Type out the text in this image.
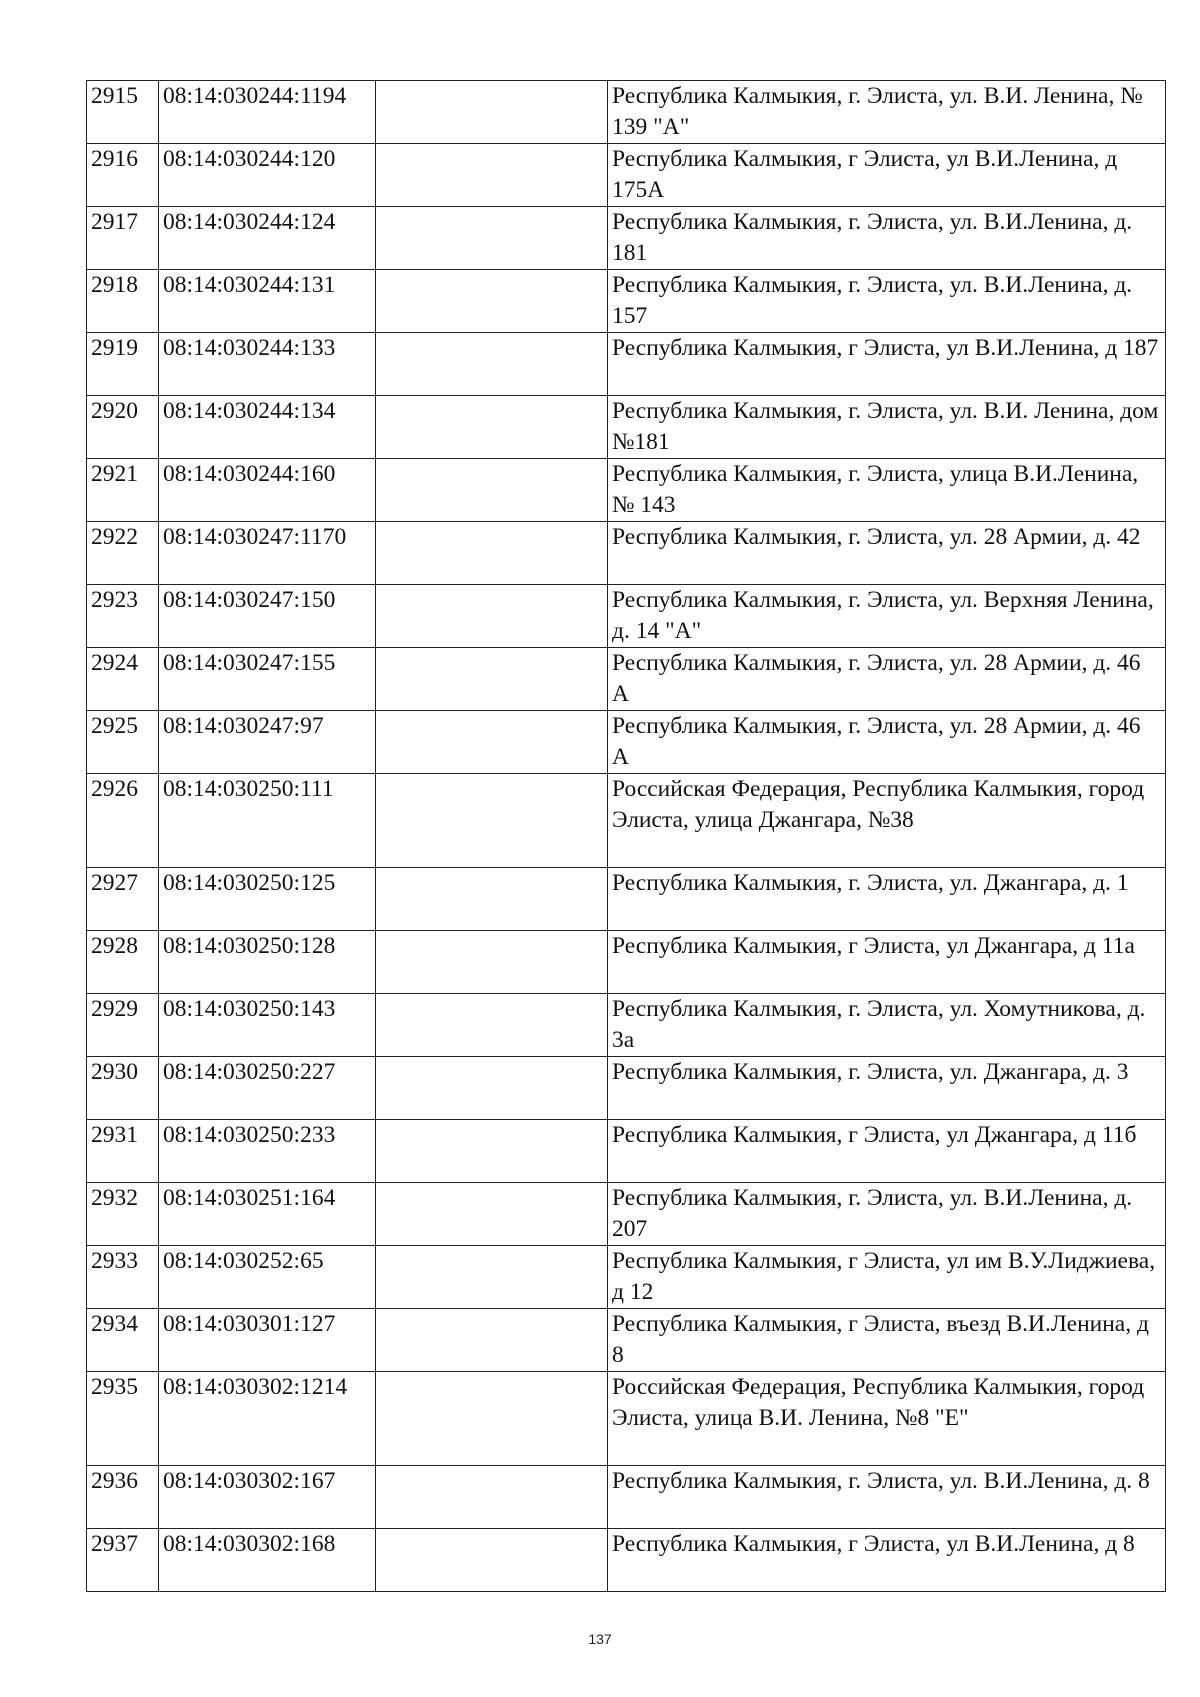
2915	08:14:030244:1194		Республика Калмыкия, г. Элиста, ул. В.И. Ленина, № 139 "А"
2916	08:14:030244:120		Республика Калмыкия, г Элиста, ул В.И.Ленина, д 175А
2917	08:14:030244:124		Республика Калмыкия, г. Элиста, ул. В.И.Ленина, д. 181
2918	08:14:030244:131		Республика Калмыкия, г. Элиста, ул. В.И.Ленина, д. 157
2919	08:14:030244:133		Республика Калмыкия, г Элиста, ул В.И.Ленина, д 187
2920	08:14:030244:134		Республика Калмыкия, г. Элиста, ул. В.И. Ленина, дом №181
2921	08:14:030244:160		Республика Калмыкия, г. Элиста, улица В.И.Ленина, № 143
2922	08:14:030247:1170		Республика Калмыкия, г. Элиста, ул. 28 Армии, д. 42
2923	08:14:030247:150		Республика Калмыкия, г. Элиста, ул. Верхняя Ленина, д. 14 "А"
2924	08:14:030247:155		Республика Калмыкия, г. Элиста, ул. 28 Армии, д. 46 А
2925	08:14:030247:97		Республика Калмыкия, г. Элиста, ул. 28 Армии, д. 46 А
2926	08:14:030250:111		Российская Федерация, Республика Калмыкия, город Элиста, улица Джангара, №38
2927	08:14:030250:125		Республика Калмыкия, г. Элиста, ул. Джангара, д. 1
2928	08:14:030250:128		Республика Калмыкия, г Элиста, ул Джангара, д 11а
2929	08:14:030250:143		Республика Калмыкия, г. Элиста, ул. Хомутникова, д. 3а
2930	08:14:030250:227		Республика Калмыкия, г. Элиста, ул. Джангара, д. 3
2931	08:14:030250:233		Республика Калмыкия, г Элиста, ул Джангара, д 11б
2932	08:14:030251:164		Республика Калмыкия, г. Элиста, ул. В.И.Ленина, д. 207
2933	08:14:030252:65		Республика Калмыкия, г Элиста, ул им В.У.Лиджиева, д 12
2934	08:14:030301:127		Республика Калмыкия, г Элиста, въезд В.И.Ленина, д 8
2935	08:14:030302:1214		Российская Федерация, Республика Калмыкия, город Элиста, улица В.И. Ленина, №8 "Е"
2936	08:14:030302:167		Республика Калмыкия, г. Элиста, ул. В.И.Ленина, д. 8
2937	08:14:030302:168		Республика Калмыкия, г Элиста, ул В.И.Ленина, д 8
137
